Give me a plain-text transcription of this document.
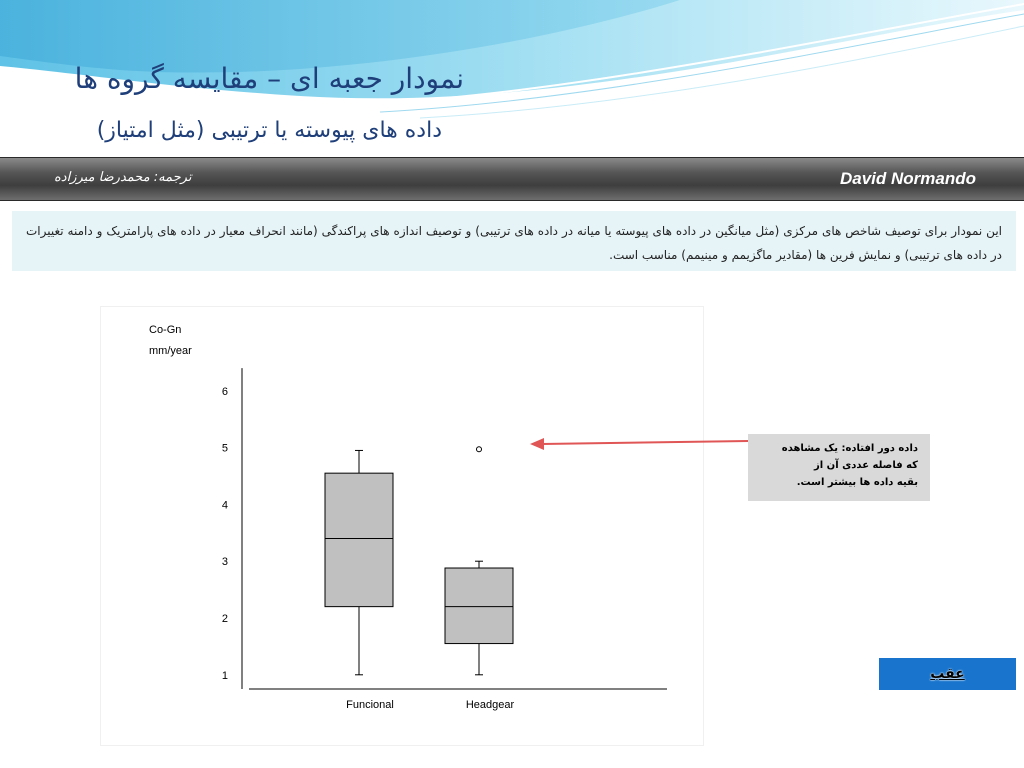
نمودار جعبه ای – مقایسه گروه ها
داده های پیوسته یا ترتیبی (مثل امتیاز)
David Normando
ترجمه: محمدرضا میرزاده
این نمودار برای توصیف شاخص های مرکزی (مثل میانگین در داده های پیوسته یا میانه در داده های ترتیبی) و توصیف اندازه های پراکندگی (مانند انحراف معیار در داده های پارامتریک و دامنه تغییرات در داده های ترتیبی) و نمایش فرین ها (مقادیر ماگزیمم و مینیمم) مناسب است.
Co-Gn
mm/year
1
2
3
4
5
6
Funcional	Headgear
داده دور افتاده: یک مشاهده
که فاصله عددی آن از
بقیه داده ها بیشتر است.
عقب
